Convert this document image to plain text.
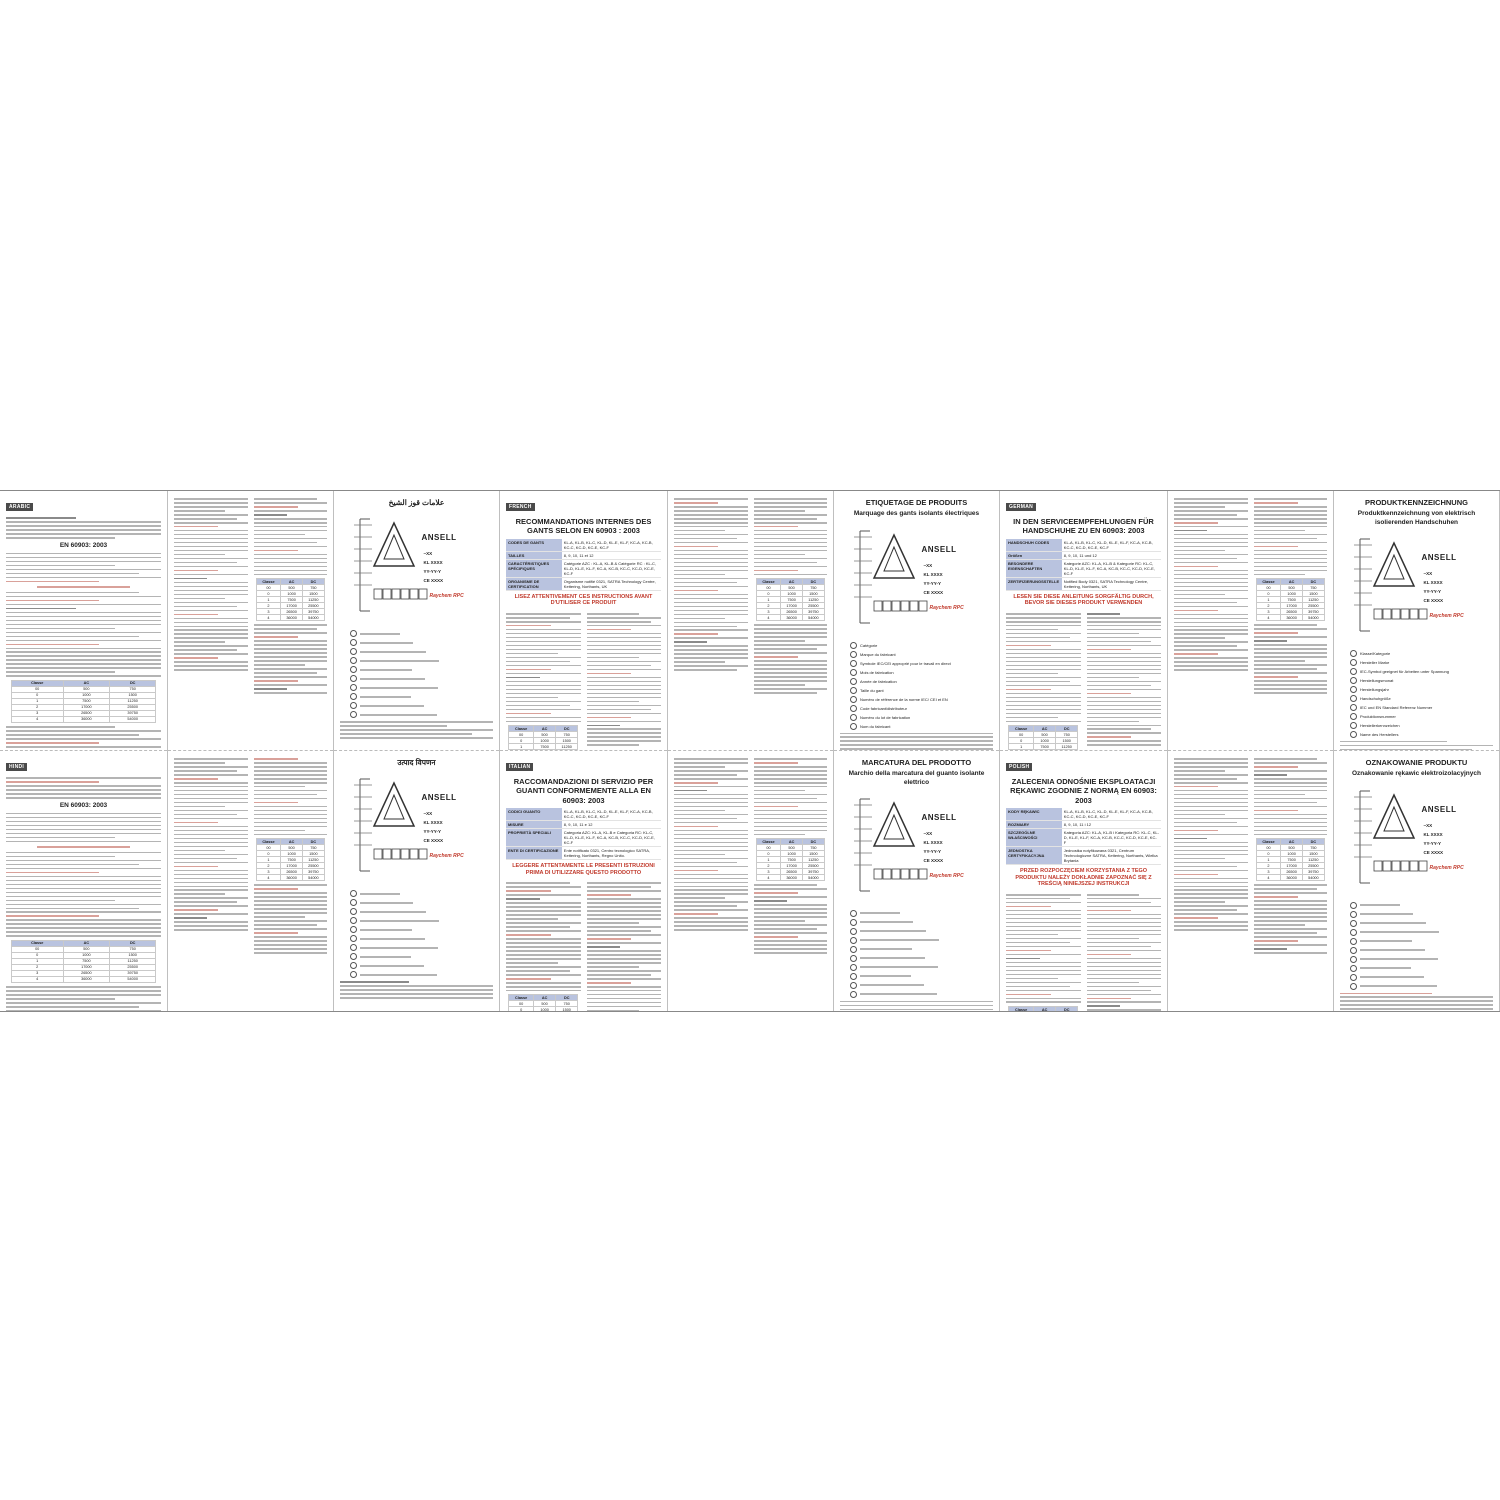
ARABIC
EN 60903: 2003
Classe	AC	DC
00	500	750
0	1000	1500
1	7500	11250
2	17000	25500
3	26500	39750
4	36000	54000
HINDI
EN 60903: 2003
Classe	AC	DC
00	500	750
0	1000	1500
1	7500	11250
2	17000	25500
3	26500	39750
4	36000	54000
Classe	AC	DC
00	500	750
0	1000	1500
1	7500	11250
2	17000	25500
3	26500	39750
4	36000	54000
Classe	AC	DC
00	500	750
0	1000	1500
1	7500	11250
2	17000	25500
3	26500	39750
4	36000	54000
علامات قوز الشيخ
ANSELL
~XX
KL XXXX
YY-YY-Y
CE XXXX
Raychem RPC
उत्पाद विपणन
ANSELL
~XX
KL XXXX
YY-YY-Y
CE XXXX
Raychem RPC
FRENCH
RECOMMANDATIONS INTERNES DES GANTS SELON EN 60903 : 2003
CODES DE GANTS	KL-A, KL-B, KL-C, KL-D, KL-E, KL-F, KC-A, KC-B, KC-C, KC-D, KC-E, KC-F
TAILLES	8, 9, 10, 11 et 12
CARACTÉRISTIQUES SPÉCIFIQUES	Catégorie AZC : KL-A, KL-B & Catégorie RC : KL-C, KL-D, KL-E, KL-F, KC-A, KC-B, KC-C, KC-D, KC-E, KC-F
ORGANISME DE CERTIFICATION	Organisme notifié 0321, SATRA Technology Centre, Kettering, Northants, UK
LISEZ ATTENTIVEMENT CES INSTRUCTIONS AVANT D'UTILISER CE PRODUIT
Classe	AC	DC
00	500	750
0	1000	1500
1	7500	11250

ITALIAN
RACCOMANDAZIONI DI SERVIZIO PER GUANTI CONFORMEMENTE ALLA EN 60903: 2003
CODICI GUANTO	KL-A, KL-B, KL-C, KL-D, KL-E, KL-F, KC-A, KC-B, KC-C, KC-D, KC-E, KC-F
MISURE	8, 9, 10, 11 e 12
PROPRIETÀ SPECIALI	Categoria AZC: KL-A, KL-B e Categoria RC: KL-C, KL-D, KL-E, KL-F, KC-A, KC-B, KC-C, KC-D, KC-E, KC-F
ENTE DI CERTIFICAZIONE	Ente notificato 0321, Centro tecnologico SATRA, Kettering, Northants, Regno Unito.
LEGGERE ATTENTAMENTE LE PRESENTI ISTRUZIONI PRIMA DI UTILIZZARE QUESTO PRODOTTO
Classe	AC	DC
00	500	750
0	1000	1500

Classe	AC	DC
00	500	750
0	1000	1500
1	7500	11250
2	17000	25500
3	26500	39750
4	36000	54000
Classe	AC	DC
00	500	750
0	1000	1500
1	7500	11250
2	17000	25500
3	26500	39750
4	36000	54000
ETIQUETAGE DE PRODUITS
Marquage des gants isolants électriques
ANSELL
~XX
KL XXXX
YY-YY-Y
CE XXXX
Raychem RPC
Catégorie
Marque du fabricant
Symbole IEC/CEI approprié pour le travail en direct
Mois de fabrication
Année de fabrication
Taille du gant
Numéro de référence de la norme IEC/ CEI et EN
Code fabricant/distributeur
Numéro du lot de fabrication
Nom du fabricant
MARCATURA DEL PRODOTTO
Marchio della marcatura del guanto isolante elettrico
ANSELL
~XX
KL XXXX
YY-YY-Y
CE XXXX
Raychem RPC
GERMAN
IN DEN SERVICEEMPFEHLUNGEN FÜR HANDSCHUHE ZU EN 60903: 2003
HANDSCHUH CODES	KL-A, KL-B, KL-C, KL-D, KL-E, KL-F, KC-A, KC-B, KC-C, KC-D, KC-E, KC-F
Größen	8, 9, 10, 11 und 12
BESONDERE EIGENSCHAFTEN	Kategorie AZC: KL-A, KL-B & Kategorie RC: KL-C, KL-D, KL-E, KL-F, KC-A, KC-B, KC-C, KC-D, KC-E, KC-F
ZERTIFIZIERUNGSSTELLE	Notified Body 0321, SATRA Technology Centre, Kettering, Northants, UK
LESEN SIE DIESE ANLEITUNG SORGFÄLTIG DURCH, BEVOR SIE DIESES PRODUKT VERWENDEN
Classe	AC	DC
00	500	750
0	1000	1500
1	7500	11250

POLISH
ZALECENIA ODNOŚNIE EKSPLOATACJI RĘKAWIC ZGODNIE Z NORMĄ EN 60903: 2003
KODY RĘKAWIC	KL-A, KL-B, KL-C, KL-D, KL-E, KL-F, KC-A, KC-B, KC-C, KC-D, KC-E, KC-F
ROZMIARY	8, 9, 10, 11 i 12
SZCZEGÓLNE WŁAŚCIWOŚCI	Kategoria AZC: KL-A, KL-B i Kategoria RC: KL-C, KL-D, KL-E, KL-F, KC-A, KC-B, KC-C, KC-D, KC-E, KC-F
JEDNOSTKA CERTYFIKACYJNA	Jednostka notyfikowana 0321, Centrum Technologiczne SATRA, Kettering, Northants, Wielka Brytania
PRZED ROZPOCZĘCIEM KORZYSTANIA Z TEGO PRODUKTU NALEŻY DOKŁADNIE ZAPOZNAĆ SIĘ Z TREŚCIĄ NINIEJSZEJ INSTRUKCJI
Classe	AC	DC

Classe	AC	DC
00	500	750
0	1000	1500
1	7500	11250
2	17000	25500
3	26500	39750
4	36000	54000
Classe	AC	DC
00	500	750
0	1000	1500
1	7500	11250
2	17000	25500
3	26500	39750
4	36000	54000
PRODUKTKENNZEICHNUNG
Produktkennzeichnung von elektrisch isolierenden Handschuhen
ANSELL
~XX
KL XXXX
YY-YY-Y
CE XXXX
Raychem RPC
Klasse/Kategorie
Hersteller Marke
IEC-Symbol geeignet für Arbeiten unter Spannung
Herstellungsmonat
Herstellungsjahr
Handschuhgröße
IEC und EN Standard Referenz Nummer
Produktionsnummer
Herstellerkennzeichen
Name des Herstellers
OZNAKOWANIE PRODUKTU
Oznakowanie rękawic elektroizolacyjnych
ANSELL
~XX
KL XXXX
YY-YY-Y
CE XXXX
Raychem RPC
